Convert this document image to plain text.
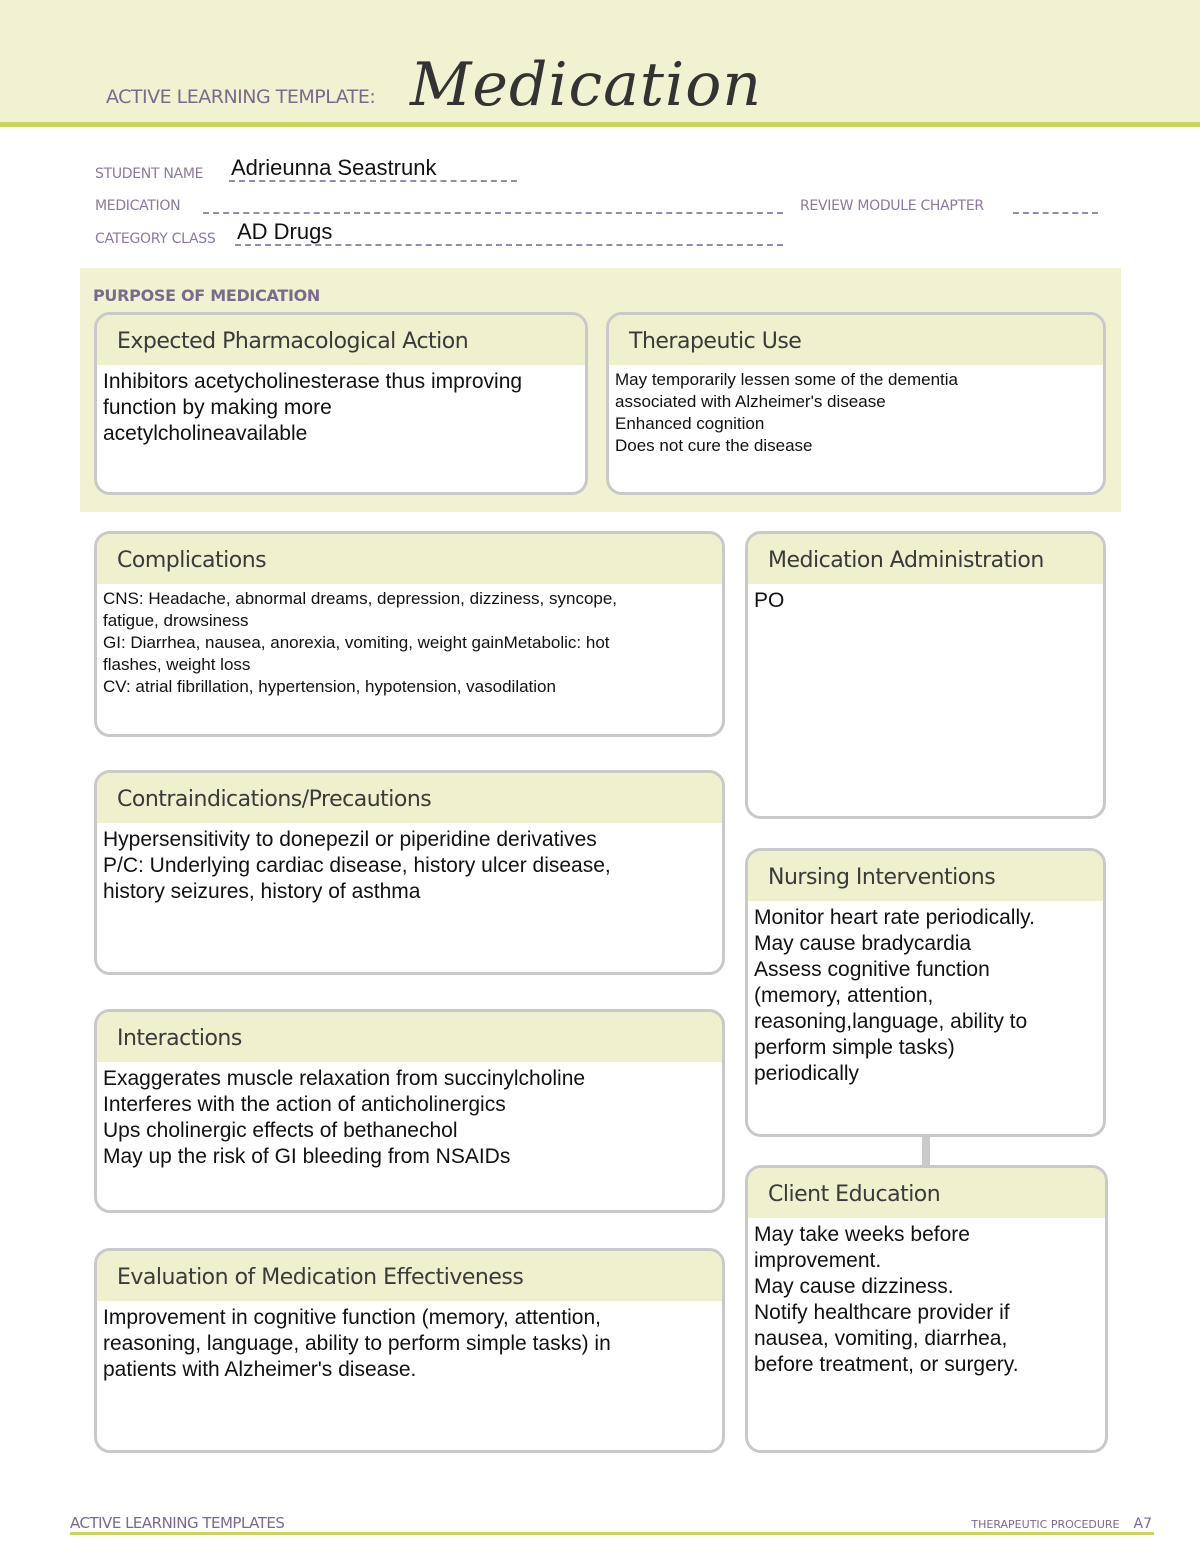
ACTIVE LEARNING TEMPLATE: Medication
STUDENT NAME Adrieunna Seastrunk
MEDICATION	REVIEW MODULE CHAPTER
CATEGORY CLASS AD Drugs
PURPOSE OF MEDICATION
Expected Pharmacological Action
Inhibitors acetycholinesterase thus improving
function by making more
acetylcholineavailable
Therapeutic Use
May temporarily lessen some of the dementia
associated with Alzheimer's disease
Enhanced cognition
Does not cure the disease
Complications
CNS: Headache, abnormal dreams, depression, dizziness, syncope,
fatigue, drowsiness
GI: Diarrhea, nausea, anorexia, vomiting, weight gainMetabolic: hot
flashes, weight loss
CV: atrial fibrillation, hypertension, hypotension, vasodilation
Medication Administration
PO
Contraindications/Precautions
Hypersensitivity to donepezil or piperidine derivatives
P/C: Underlying cardiac disease, history ulcer disease,
history seizures, history of asthma
Nursing Interventions
Monitor heart rate periodically.
May cause bradycardia
Assess cognitive function
(memory, attention,
reasoning,language, ability to
perform simple tasks)
periodically
Interactions
Exaggerates muscle relaxation from succinylcholine
Interferes with the action of anticholinergics
Ups cholinergic effects of bethanechol
May up the risk of GI bleeding from NSAIDs
Client Education
May take weeks before
improvement.
May cause dizziness.
Notify healthcare provider if
nausea, vomiting, diarrhea,
before treatment, or surgery.
Evaluation of Medication Effectiveness
Improvement in cognitive function (memory, attention,
reasoning, language, ability to perform simple tasks) in
patients with Alzheimer's disease.
ACTIVE LEARNING TEMPLATES	THERAPEUTIC PROCEDURE A7
